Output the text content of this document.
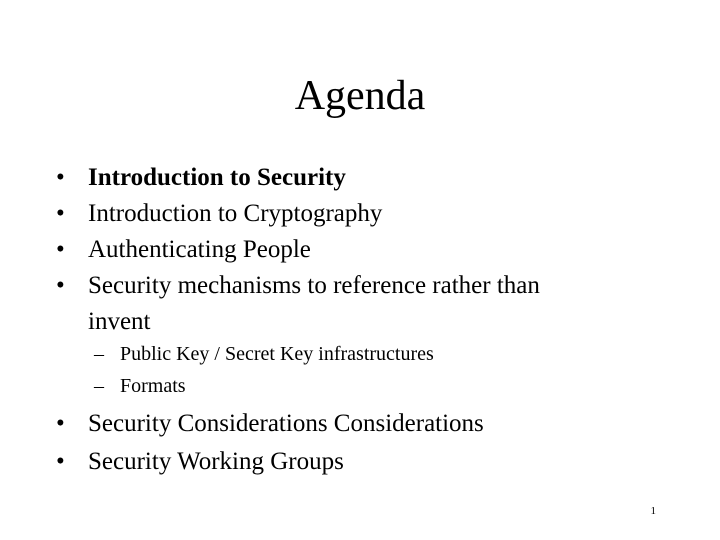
Agenda
• Introduction to Security
• Introduction to Cryptography
• Authenticating People
• Security mechanisms to reference rather than invent
– Public Key / Secret Key infrastructures
– Formats
• Security Considerations Considerations
• Security Working Groups
1
